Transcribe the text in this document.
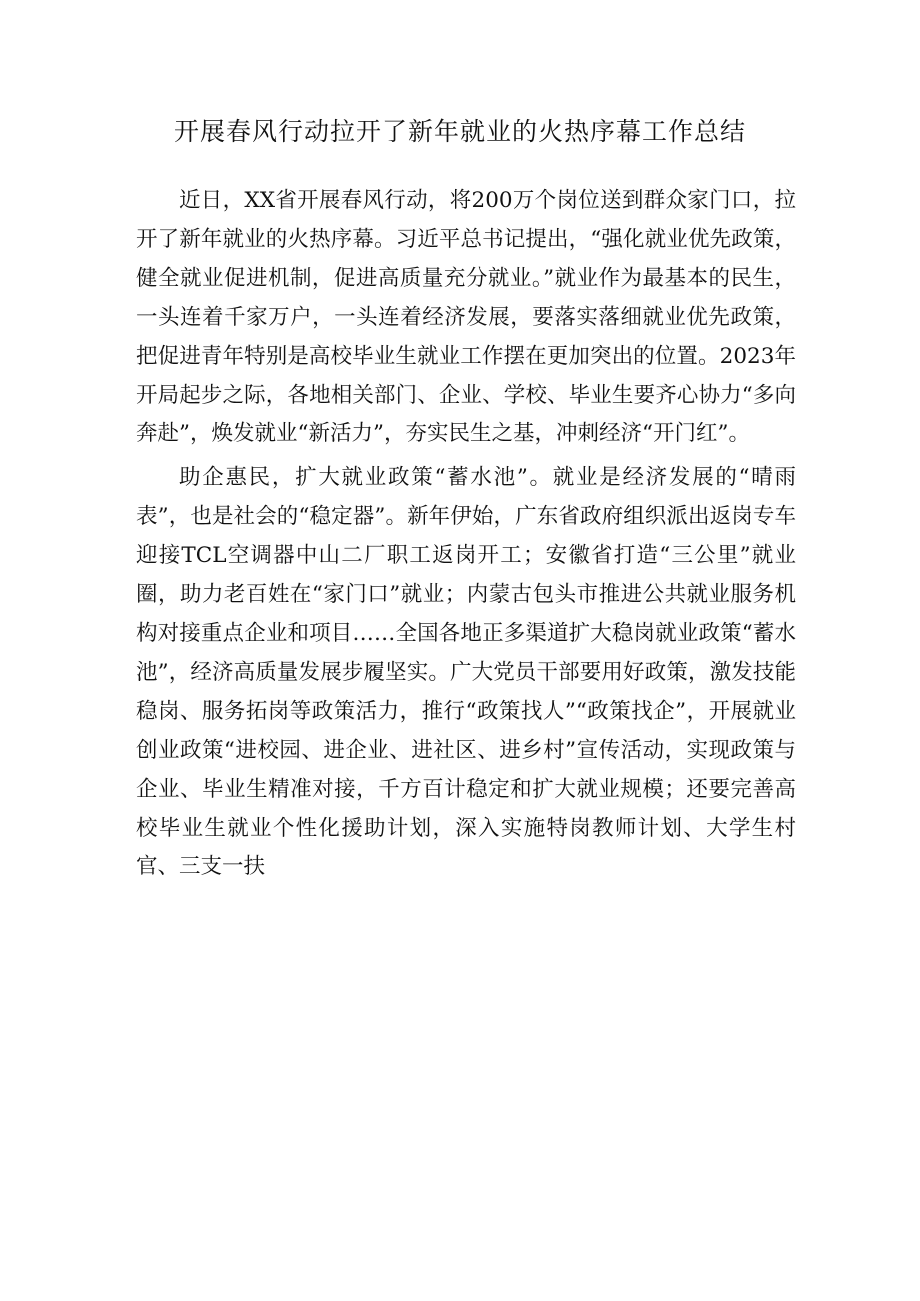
开展春风行动拉开了新年就业的火热序幕工作总结

近日，XX省开展春风行动，将200万个岗位送到群众家门口，拉开了新年就业的火热序幕。习近平总书记提出，“强化就业优先政策，健全就业促进机制，促进高质量充分就业。”就业作为最基本的民生，一头连着千家万户，一头连着经济发展，要落实落细就业优先政策，把促进青年特别是高校毕业生就业工作摆在更加突出的位置。2023年开局起步之际，各地相关部门、企业、学校、毕业生要齐心协力“多向奔赴”，焕发就业“新活力”，夯实民生之基，冲刺经济“开门红”。

助企惠民，扩大就业政策“蓄水池”。就业是经济发展的“晴雨表”，也是社会的“稳定器”。新年伊始，广东省政府组织派出返岗专车迎接TCL空调器中山二厂职工返岗开工；安徽省打造“三公里”就业圈，助力老百姓在“家门口”就业；内蒙古包头市推进公共就业服务机构对接重点企业和项目……全国各地正多渠道扩大稳岗就业政策“蓄水池”，经济高质量发展步履坚实。广大党员干部要用好政策，激发技能稳岗、服务拓岗等政策活力，推行“政策找人”“政策找企”，开展就业创业政策“进校园、进企业、进社区、进乡村”宣传活动，实现政策与企业、毕业生精准对接，千方百计稳定和扩大就业规模；还要完善高校毕业生就业个性化援助计划，深入实施特岗教师计划、大学生村官、三支一扶
